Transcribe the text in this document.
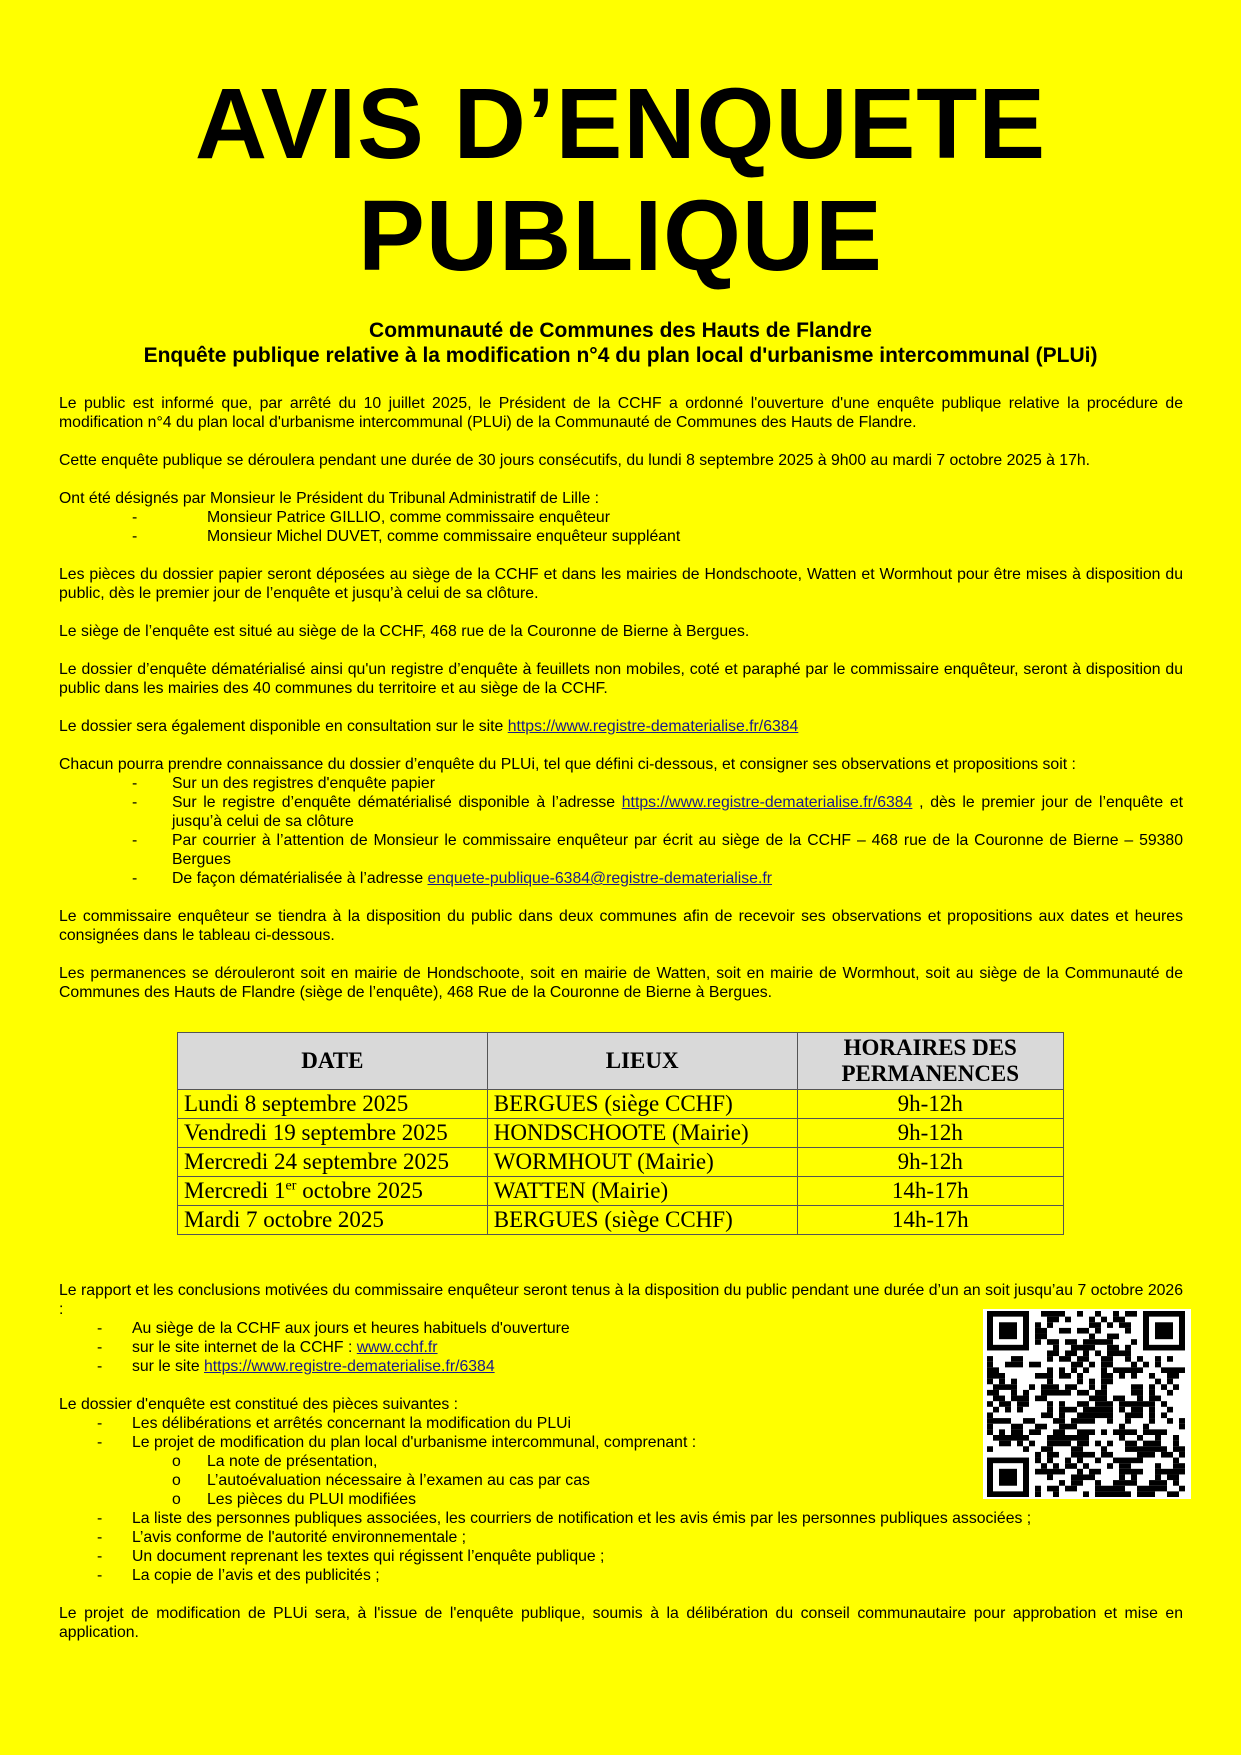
AVIS D’ENQUETE
PUBLIQUE
Communauté de Communes des Hauts de Flandre
Enquête publique relative à la modification n°4 du plan local d'urbanisme intercommunal (PLUi)

Le public est informé que, par arrêté du 10 juillet 2025, le Président de la CCHF a ordonné l'ouverture d'une enquête publique relative la procédure de modification n°4 du plan local d'urbanisme intercommunal (PLUi) de la Communauté de Communes des Hauts de Flandre.

Cette enquête publique se déroulera pendant une durée de 30 jours consécutifs, du lundi 8 septembre 2025 à 9h00 au mardi 7 octobre 2025 à 17h.

Ont été désignés par Monsieur le Président du Tribunal Administratif de Lille :

-	Monsieur Patrice GILLIO, comme commissaire enquêteur

-	Monsieur Michel DUVET, comme commissaire enquêteur suppléant

Les pièces du dossier papier seront déposées au siège de la CCHF et dans les mairies de Hondschoote, Watten et Wormhout pour être mises à disposition du public, dès le premier jour de l’enquête et jusqu’à celui de sa clôture.

Le siège de l’enquête est situé au siège de la CCHF, 468 rue de la Couronne de Bierne à Bergues.

Le dossier d’enquête dématérialisé ainsi qu'un registre d’enquête à feuillets non mobiles, coté et paraphé par le commissaire enquêteur, seront à disposition du public dans les mairies des 40 communes du territoire et au siège de la CCHF.

Le dossier sera également disponible en consultation sur le site https://www.registre-dematerialise.fr/6384

Chacun pourra prendre connaissance du dossier d’enquête du PLUi, tel que défini ci-dessous, et consigner ses observations et propositions soit :

- Sur un des registres d'enquête papier

- Sur le registre d’enquête dématérialisé disponible à l’adresse https://www.registre-dematerialise.fr/6384 , dès le premier jour de l’enquête et jusqu’à celui de sa clôture

- Par courrier à l’attention de Monsieur le commissaire enquêteur par écrit au siège de la CCHF – 468 rue de la Couronne de Bierne – 59380 Bergues

- De façon dématérialisée à l’adresse enquete-publique-6384@registre-dematerialise.fr

Le commissaire enquêteur se tiendra à la disposition du public dans deux communes afin de recevoir ses observations et propositions aux dates et heures consignées dans le tableau ci-dessous.

Les permanences se dérouleront soit en mairie de Hondschoote, soit en mairie de Watten, soit en mairie de Wormhout, soit au siège de la Communauté de Communes des Hauts de Flandre (siège de l’enquête), 468 Rue de la Couronne de Bierne à Bergues.

DATE	LIEUX	HORAIRES DES PERMANENCES
Lundi 8 septembre 2025	BERGUES (siège CCHF)	9h-12h
Vendredi 19 septembre 2025	HONDSCHOOTE (Mairie)	9h-12h
Mercredi 24 septembre 2025	WORMHOUT (Mairie)	9h-12h
Mercredi 1er octobre 2025	WATTEN (Mairie)	14h-17h
Mardi 7 octobre 2025	BERGUES (siège CCHF)	14h-17h

Le rapport et les conclusions motivées du commissaire enquêteur seront tenus à la disposition du public pendant une durée d’un an soit jusqu’au 7 octobre 2026 :

- Au siège de la CCHF aux jours et heures habituels d'ouverture

- sur le site internet de la CCHF : www.cchf.fr

- sur le site https://www.registre-dematerialise.fr/6384

Le dossier d'enquête est constitué des pièces suivantes :

- Les délibérations et arrêtés concernant la modification du PLUi

- Le projet de modification du plan local d'urbanisme intercommunal, comprenant :

o La note de présentation,

o L’autoévaluation nécessaire à l’examen au cas par cas

o Les pièces du PLUI modifiées

- La liste des personnes publiques associées, les courriers de notification et les avis émis par les personnes publiques associées ;

- L’avis conforme de l'autorité environnementale ;

- Un document reprenant les textes qui régissent l’enquête publique ;

- La copie de l’avis et des publicités ;

Le projet de modification de PLUi sera, à l'issue de l'enquête publique, soumis à la délibération du conseil communautaire pour approbation et mise en application.
